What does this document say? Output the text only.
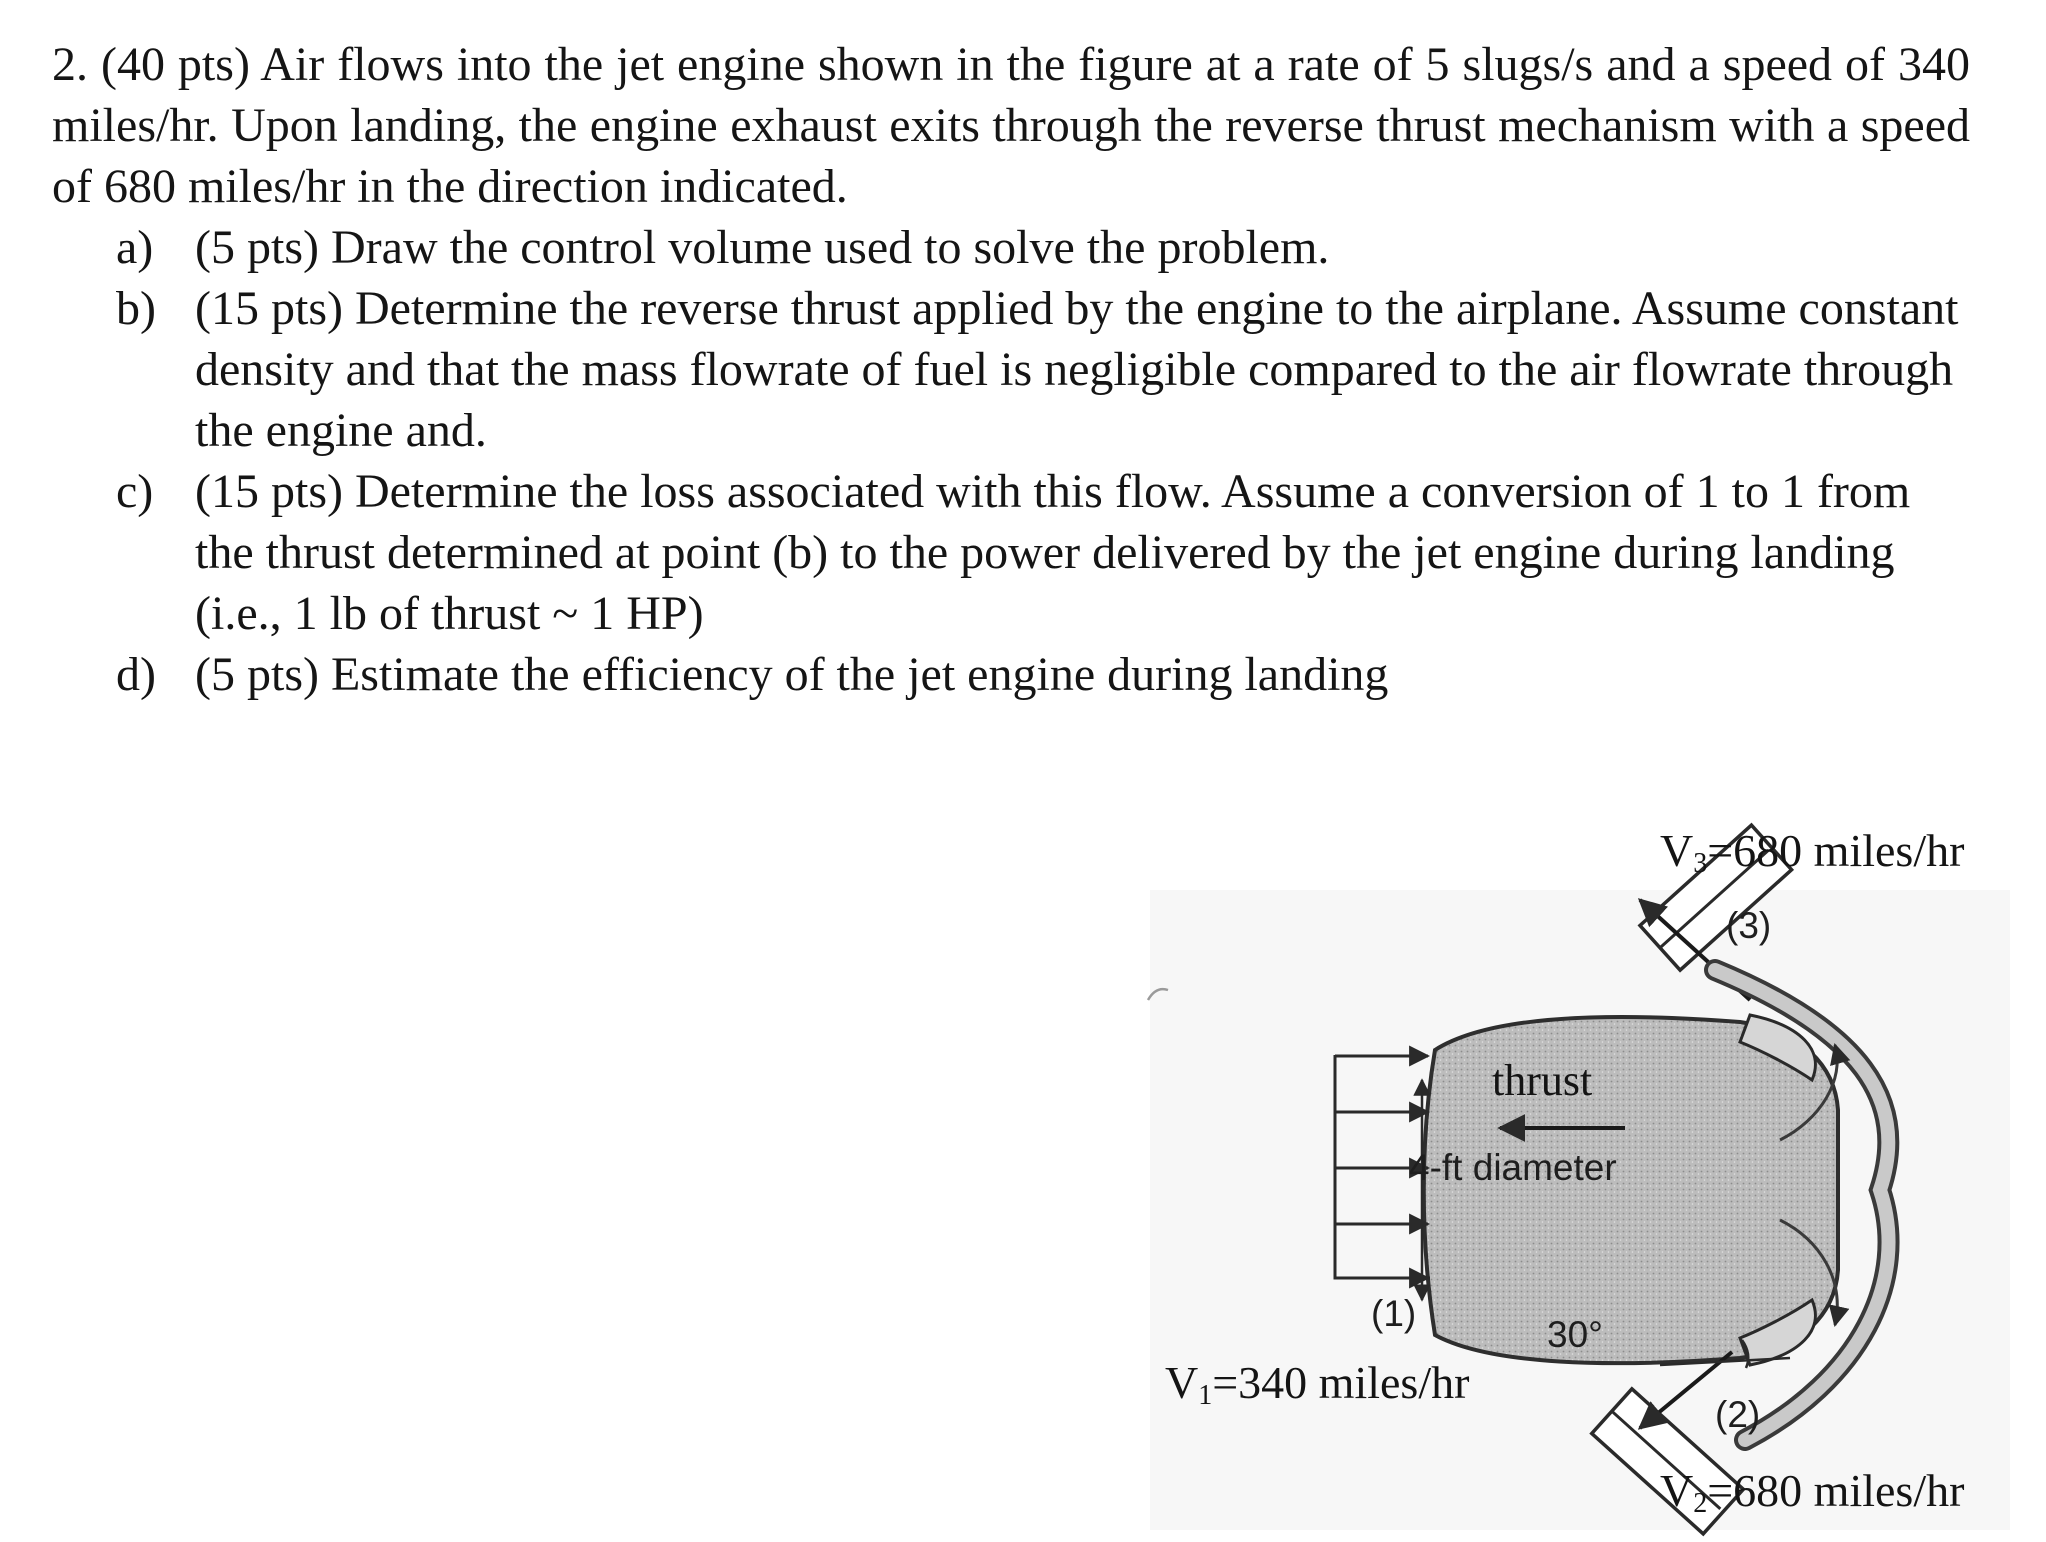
2. (40 pts) Air flows into the jet engine shown in the figure at a rate of 5 slugs/s and a speed of 340 miles/hr. Upon landing, the engine exhaust exits through the reverse thrust mechanism with a speed of 680 miles/hr in the direction indicated.

a) (5 pts) Draw the control volume used to solve the problem.
b) (15 pts) Determine the reverse thrust applied by the engine to the airplane. Assume constant density and that the mass flowrate of fuel is negligible compared to the air flowrate through the engine and.
c) (15 pts) Determine the loss associated with this flow. Assume a conversion of 1 to 1 from the thrust determined at point (b) to the power delivered by the jet engine during landing (i.e., 1 lb of thrust ~ 1 HP)
d) (5 pts) Estimate the efficiency of the jet engine during landing
$V_3=680$ miles/hr
(3)
thrust
4-ft diameter
(1)
30°
$V_1=340$ miles/hr
(2)
$V_2=680$ miles/hr
